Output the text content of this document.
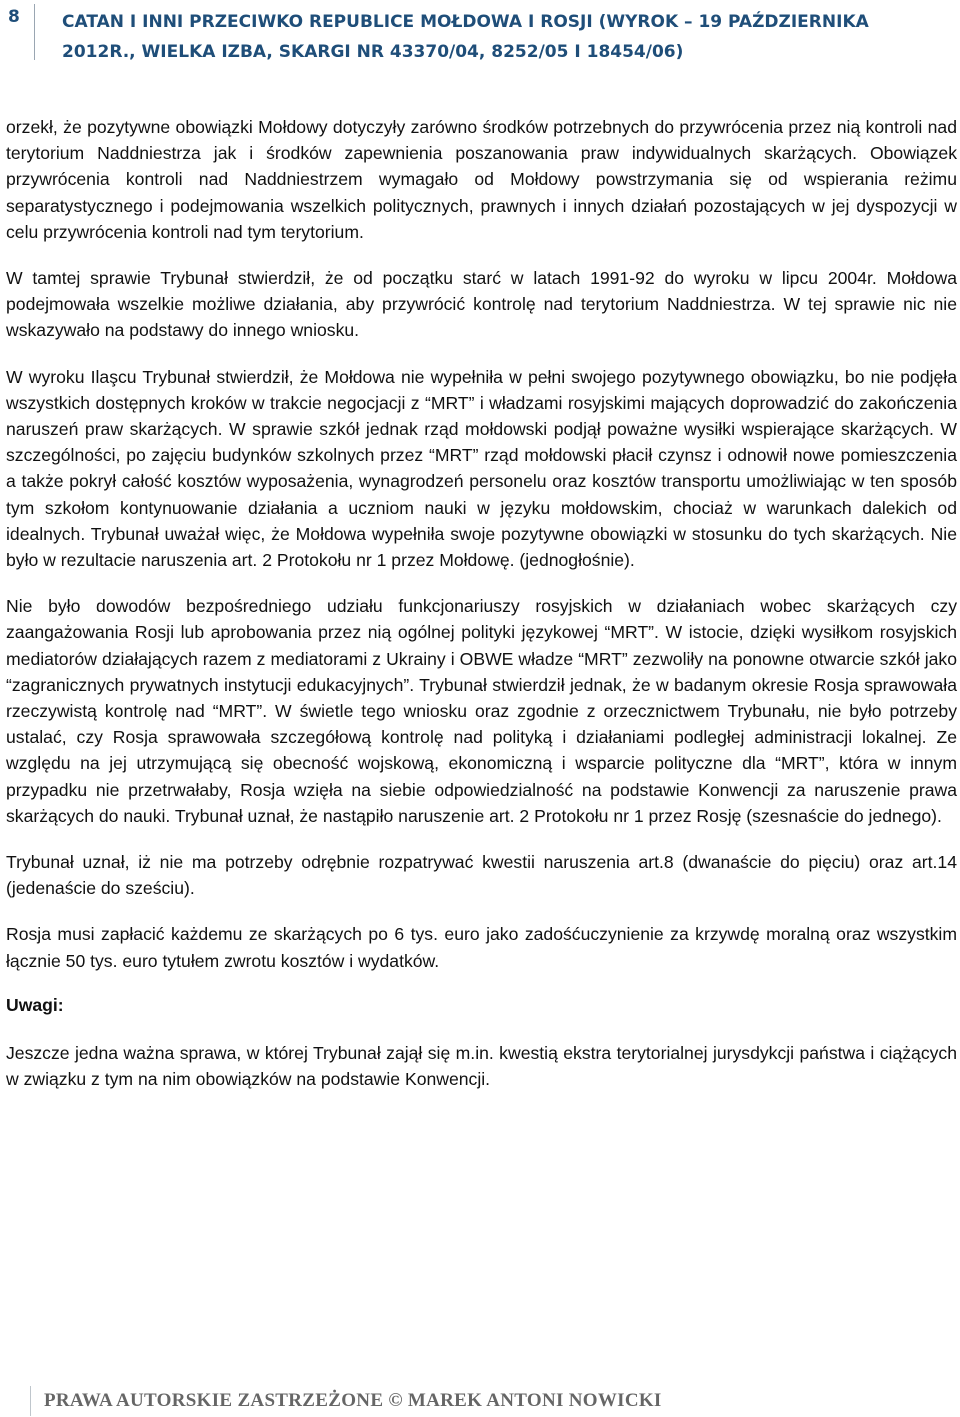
8 CATAN I INNI PRZECIWKO REPUBLICE MOŁDOWA I ROSJI (WYROK – 19 PAŹDZIERNIKA
2012R., WIELKA IZBA, SKARGI NR 43370/04, 8252/05 I 18454/06)

orzekł, że pozytywne obowiązki Mołdowy dotyczyły zarówno środków potrzebnych do przywrócenia przez nią kontroli nad terytorium Naddniestrza jak i środków zapewnienia poszanowania praw indywidualnych skarżących. Obowiązek przywrócenia kontroli nad Naddniestrzem wymagało od Mołdowy powstrzymania się od wspierania reżimu separatystycznego i podejmowania wszelkich politycznych, prawnych i innych działań pozostających w jej dyspozycji w celu przywrócenia kontroli nad tym terytorium.

W tamtej sprawie Trybunał stwierdził, że od początku starć w latach 1991-92 do wyroku w lipcu 2004r. Mołdowa podejmowała wszelkie możliwe działania, aby przywrócić kontrolę nad terytorium Naddniestrza. W tej sprawie nic nie wskazywało na podstawy do innego wniosku.

W wyroku Ilaşcu Trybunał stwierdził, że Mołdowa nie wypełniła w pełni swojego pozytywnego obowiązku, bo nie podjęła wszystkich dostępnych kroków w trakcie negocjacji z “MRT” i władzami rosyjskimi mających doprowadzić do zakończenia naruszeń praw skarżących. W sprawie szkół jednak rząd mołdowski podjął poważne wysiłki wspierające skarżących. W szczególności, po zajęciu budynków szkolnych przez “MRT” rząd mołdowski płacił czynsz i odnowił nowe pomieszczenia a także pokrył całość kosztów wyposażenia, wynagrodzeń personelu oraz kosztów transportu umożliwiając w ten sposób tym szkołom kontynuowanie działania a uczniom nauki w języku mołdowskim, chociaż w warunkach dalekich od idealnych. Trybunał uważał więc, że Mołdowa wypełniła swoje pozytywne obowiązki w stosunku do tych skarżących. Nie było w rezultacie naruszenia art. 2 Protokołu nr 1 przez Mołdowę. (jednogłośnie).

Nie było dowodów bezpośredniego udziału funkcjonariuszy rosyjskich w działaniach wobec skarżących czy zaangażowania Rosji lub aprobowania przez nią ogólnej polityki językowej “MRT”. W istocie, dzięki wysiłkom rosyjskich mediatorów działających razem z mediatorami z Ukrainy i OBWE władze “MRT” zezwoliły na ponowne otwarcie szkół jako “zagranicznych prywatnych instytucji edukacyjnych”. Trybunał stwierdził jednak, że w badanym okresie Rosja sprawowała rzeczywistą kontrolę nad “MRT”. W świetle tego wniosku oraz zgodnie z orzecznictwem Trybunału, nie było potrzeby ustalać, czy Rosja sprawowała szczegółową kontrolę nad polityką i działaniami podległej administracji lokalnej. Ze względu na jej utrzymującą się obecność wojskową, ekonomiczną i wsparcie polityczne dla “MRT”, która w innym przypadku nie przetrwałaby, Rosja wzięła na siebie odpowiedzialność na podstawie Konwencji za naruszenie prawa skarżących do nauki. Trybunał uznał, że nastąpiło naruszenie art. 2 Protokołu nr 1 przez Rosję (szesnaście do jednego).

Trybunał uznał, iż nie ma potrzeby odrębnie rozpatrywać kwestii naruszenia art.8 (dwanaście do pięciu) oraz art.14 (jedenaście do sześciu).

Rosja musi zapłacić każdemu ze skarżących po 6 tys. euro jako zadośćuczynienie za krzywdę moralną oraz wszystkim łącznie 50 tys. euro tytułem zwrotu kosztów i wydatków.

Uwagi:

Jeszcze jedna ważna sprawa, w której Trybunał zajął się m.in. kwestią ekstra terytorialnej jurysdykcji państwa i ciążących w związku z tym na nim obowiązków na podstawie Konwencji.

PRAWA AUTORSKIE ZASTRZEŻONE © MAREK ANTONI NOWICKI
